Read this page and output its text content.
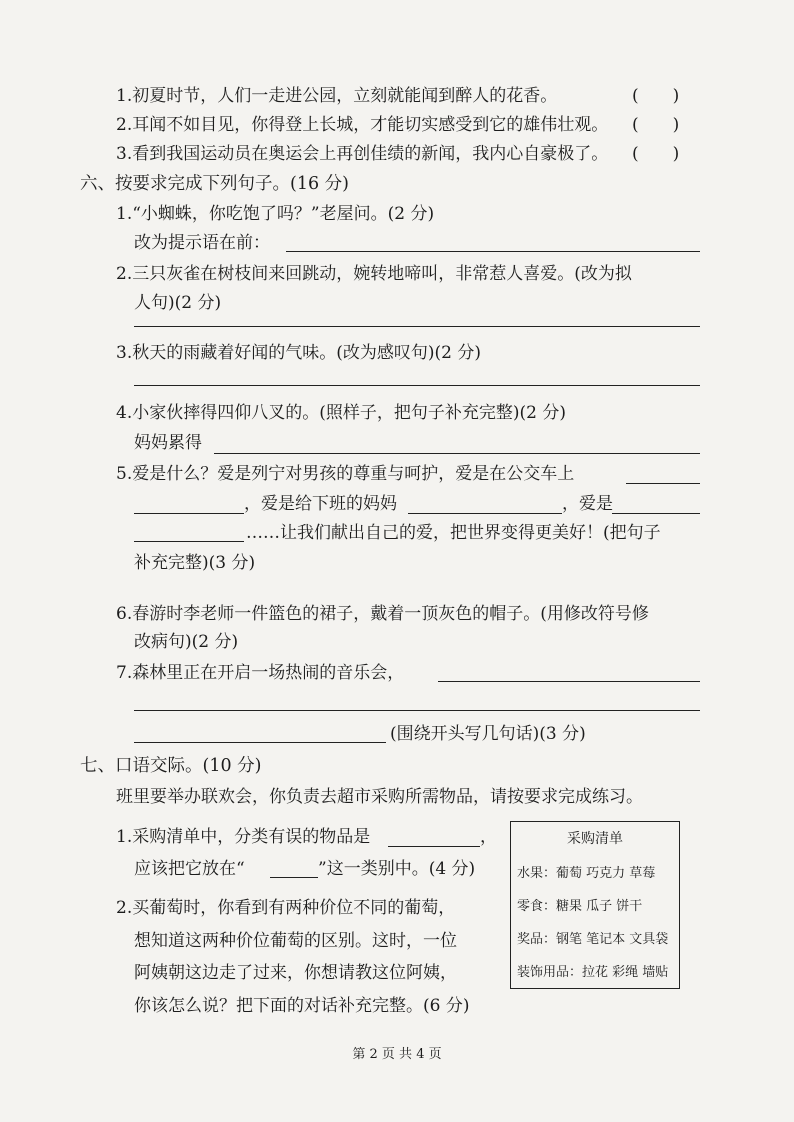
1.初夏时节，人们一走进公园，立刻就能闻到醉人的花香。	(　　)
2.耳闻不如目见，你得登上长城，才能切实感受到它的雄伟壮观。 (　　)
3.看到我国运动员在奥运会上再创佳绩的新闻，我内心自豪极了。 (　　)
六、按要求完成下列句子。(16 分)
1.“小蜘蛛，你吃饱了吗？”老屋问。(2 分)
改为提示语在前：
2.三只灰雀在树枝间来回跳动，婉转地啼叫，非常惹人喜爱。(改为拟
人句)(2 分)
3.秋天的雨藏着好闻的气味。(改为感叹句)(2 分)
4.小家伙摔得四仰八叉的。(照样子，把句子补充完整)(2 分)
妈妈累得
5.爱是什么？爱是列宁对男孩的尊重与呵护，爱是在公交车上
，爱是给下班的妈妈	，爱是
……让我们献出自己的爱，把世界变得更美好！(把句子
补充完整)(3 分)
6.春游时李老师一件篮色的裙子，戴着一顶灰色的帽子。(用修改符号修
改病句)(2 分)
7.森林里正在开启一场热闹的音乐会，
(围绕开头写几句话)(3 分)
七、口语交际。(10 分)
班里要举办联欢会，你负责去超市采购所需物品，请按要求完成练习。
1.采购清单中，分类有误的物品是	，
应该把它放在“	”这一类别中。(4 分)
2.买葡萄时，你看到有两种价位不同的葡萄，
想知道这两种价位葡萄的区别。这时，一位
阿姨朝这边走了过来，你想请教这位阿姨，
你该怎么说？把下面的对话补充完整。(6 分)
采购清单
水果：葡萄 巧克力 草莓
零食：糖果 瓜子 饼干
奖品：钢笔 笔记本 文具袋
装饰用品：拉花 彩绳 墙贴
第 2 页 共 4 页
